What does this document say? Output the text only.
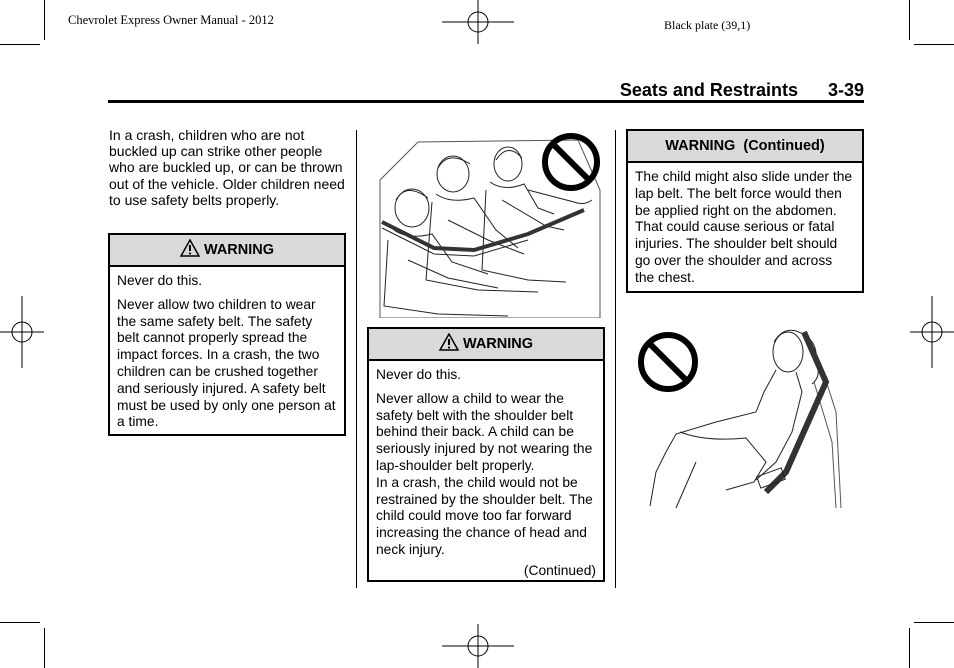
Chevrolet Express Owner Manual - 2012	Black plate (39,1)
Seats and Restraints 3-39
In a crash, children who are not buckled up can strike other people who are buckled up, or can be thrown out of the vehicle. Older children need to use safety belts properly.
WARNING

Never do this.

Never allow two children to wear the same safety belt. The safety belt cannot properly spread the impact forces. In a crash, the two children can be crushed together and seriously injured. A safety belt must be used by only one person at a time.

WARNING

Never do this.

Never allow a child to wear the safety belt with the shoulder belt behind their back. A child can be seriously injured by not wearing the lap-shoulder belt properly.

In a crash, the child would not be restrained by the shoulder belt. The child could move too far forward increasing the chance of head and neck injury.

(Continued)
WARNING  (Continued)

The child might also slide under the lap belt. The belt force would then be applied right on the abdomen. That could cause serious or fatal injuries. The shoulder belt should go over the shoulder and across the chest.
